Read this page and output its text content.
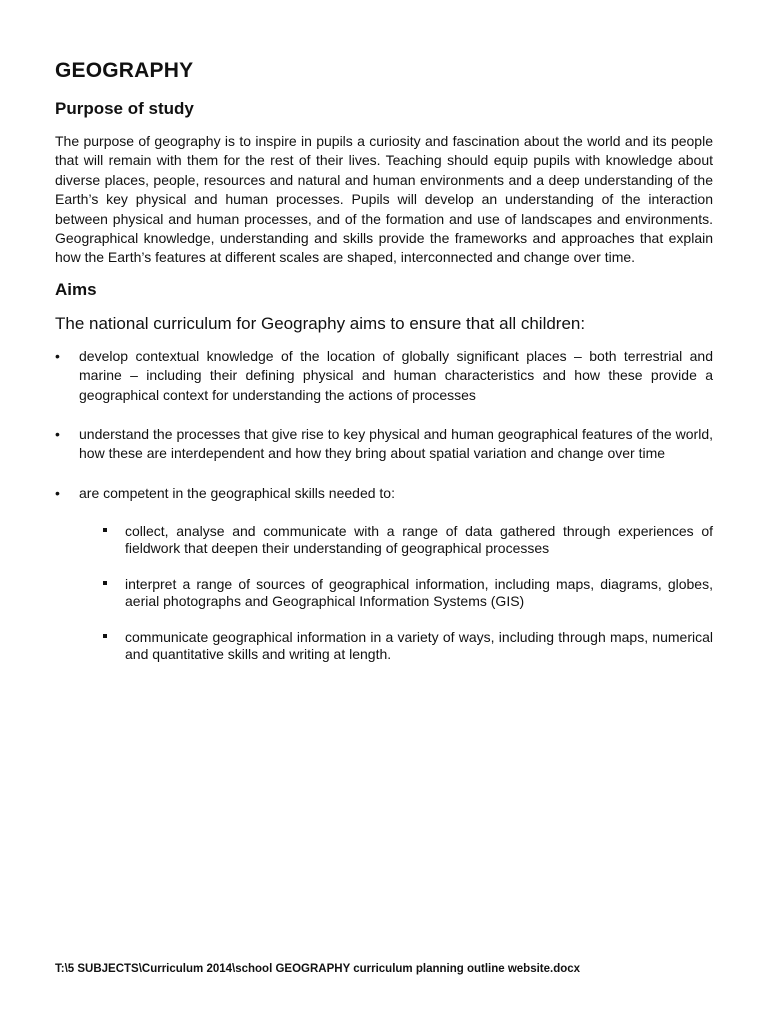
GEOGRAPHY
Purpose of study

The purpose of geography is to inspire in pupils a curiosity and fascination about the world and its people that will remain with them for the rest of their lives. Teaching should equip pupils with knowledge about diverse places, people, resources and natural and human environments and a deep understanding of the Earth’s key physical and human processes. Pupils will develop an understanding of the interaction between physical and human processes, and of the formation and use of landscapes and environments. Geographical knowledge, understanding and skills provide the frameworks and approaches that explain how the Earth’s features at different scales are shaped, interconnected and change over time.

Aims

The national curriculum for Geography aims to ensure that all children:

• develop contextual knowledge of the location of globally significant places – both terrestrial and marine – including their defining physical and human characteristics and how these provide a geographical context for understanding the actions of processes
• understand the processes that give rise to key physical and human geographical features of the world, how these are interdependent and how they bring about spatial variation and change over time
• are competent in the geographical skills needed to:
collect, analyse and communicate with a range of data gathered through experiences of fieldwork that deepen their understanding of geographical processes
interpret a range of sources of geographical information, including maps, diagrams, globes, aerial photographs and Geographical Information Systems (GIS)
communicate geographical information in a variety of ways, including through maps, numerical and quantitative skills and writing at length.
T:\5 SUBJECTS\Curriculum 2014\school GEOGRAPHY curriculum planning outline website.docx
